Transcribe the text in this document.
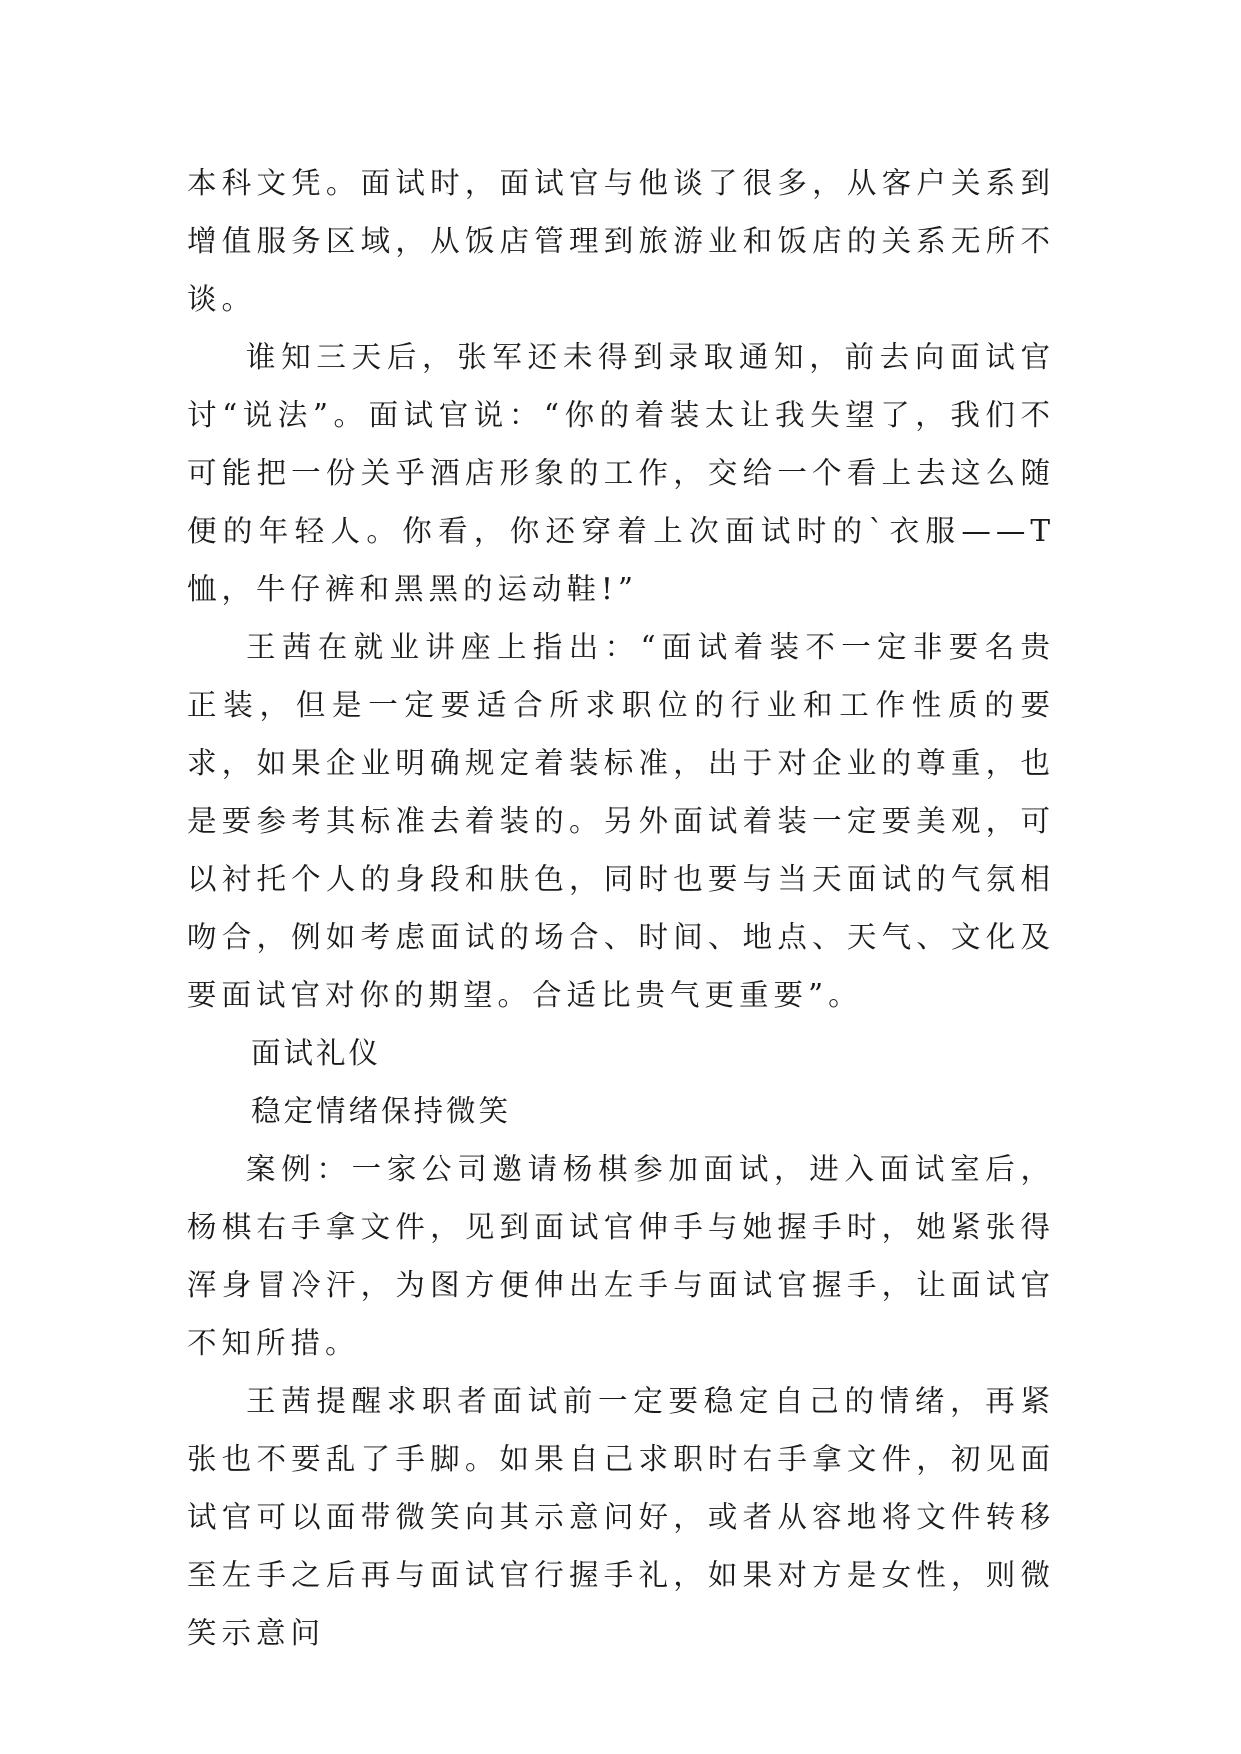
本科文凭。面试时，面试官与他谈了很多，从客户关系到增值服务区域，从饭店管理到旅游业和饭店的关系无所不谈。

谁知三天后，张军还未得到录取通知，前去向面试官讨“说法”。面试官说：“你的着装太让我失望了，我们不可能把一份关乎酒店形象的工作，交给一个看上去这么随便的年轻人。你看，你还穿着上次面试时的`衣服——T恤，牛仔裤和黑黑的运动鞋!”

王茜在就业讲座上指出：“面试着装不一定非要名贵正装，但是一定要适合所求职位的行业和工作性质的要求，如果企业明确规定着装标准，出于对企业的尊重，也是要参考其标准去着装的。另外面试着装一定要美观，可以衬托个人的身段和肤色，同时也要与当天面试的气氛相吻合，例如考虑面试的场合、时间、地点、天气、文化及要面试官对你的期望。合适比贵气更重要”。

面试礼仪

稳定情绪保持微笑

案例：一家公司邀请杨棋参加面试，进入面试室后，杨棋右手拿文件，见到面试官伸手与她握手时，她紧张得浑身冒冷汗，为图方便伸出左手与面试官握手，让面试官不知所措。

王茜提醒求职者面试前一定要稳定自己的情绪，再紧张也不要乱了手脚。如果自己求职时右手拿文件，初见面试官可以面带微笑向其示意问好，或者从容地将文件转移至左手之后再与面试官行握手礼，如果对方是女性，则微笑示意问
